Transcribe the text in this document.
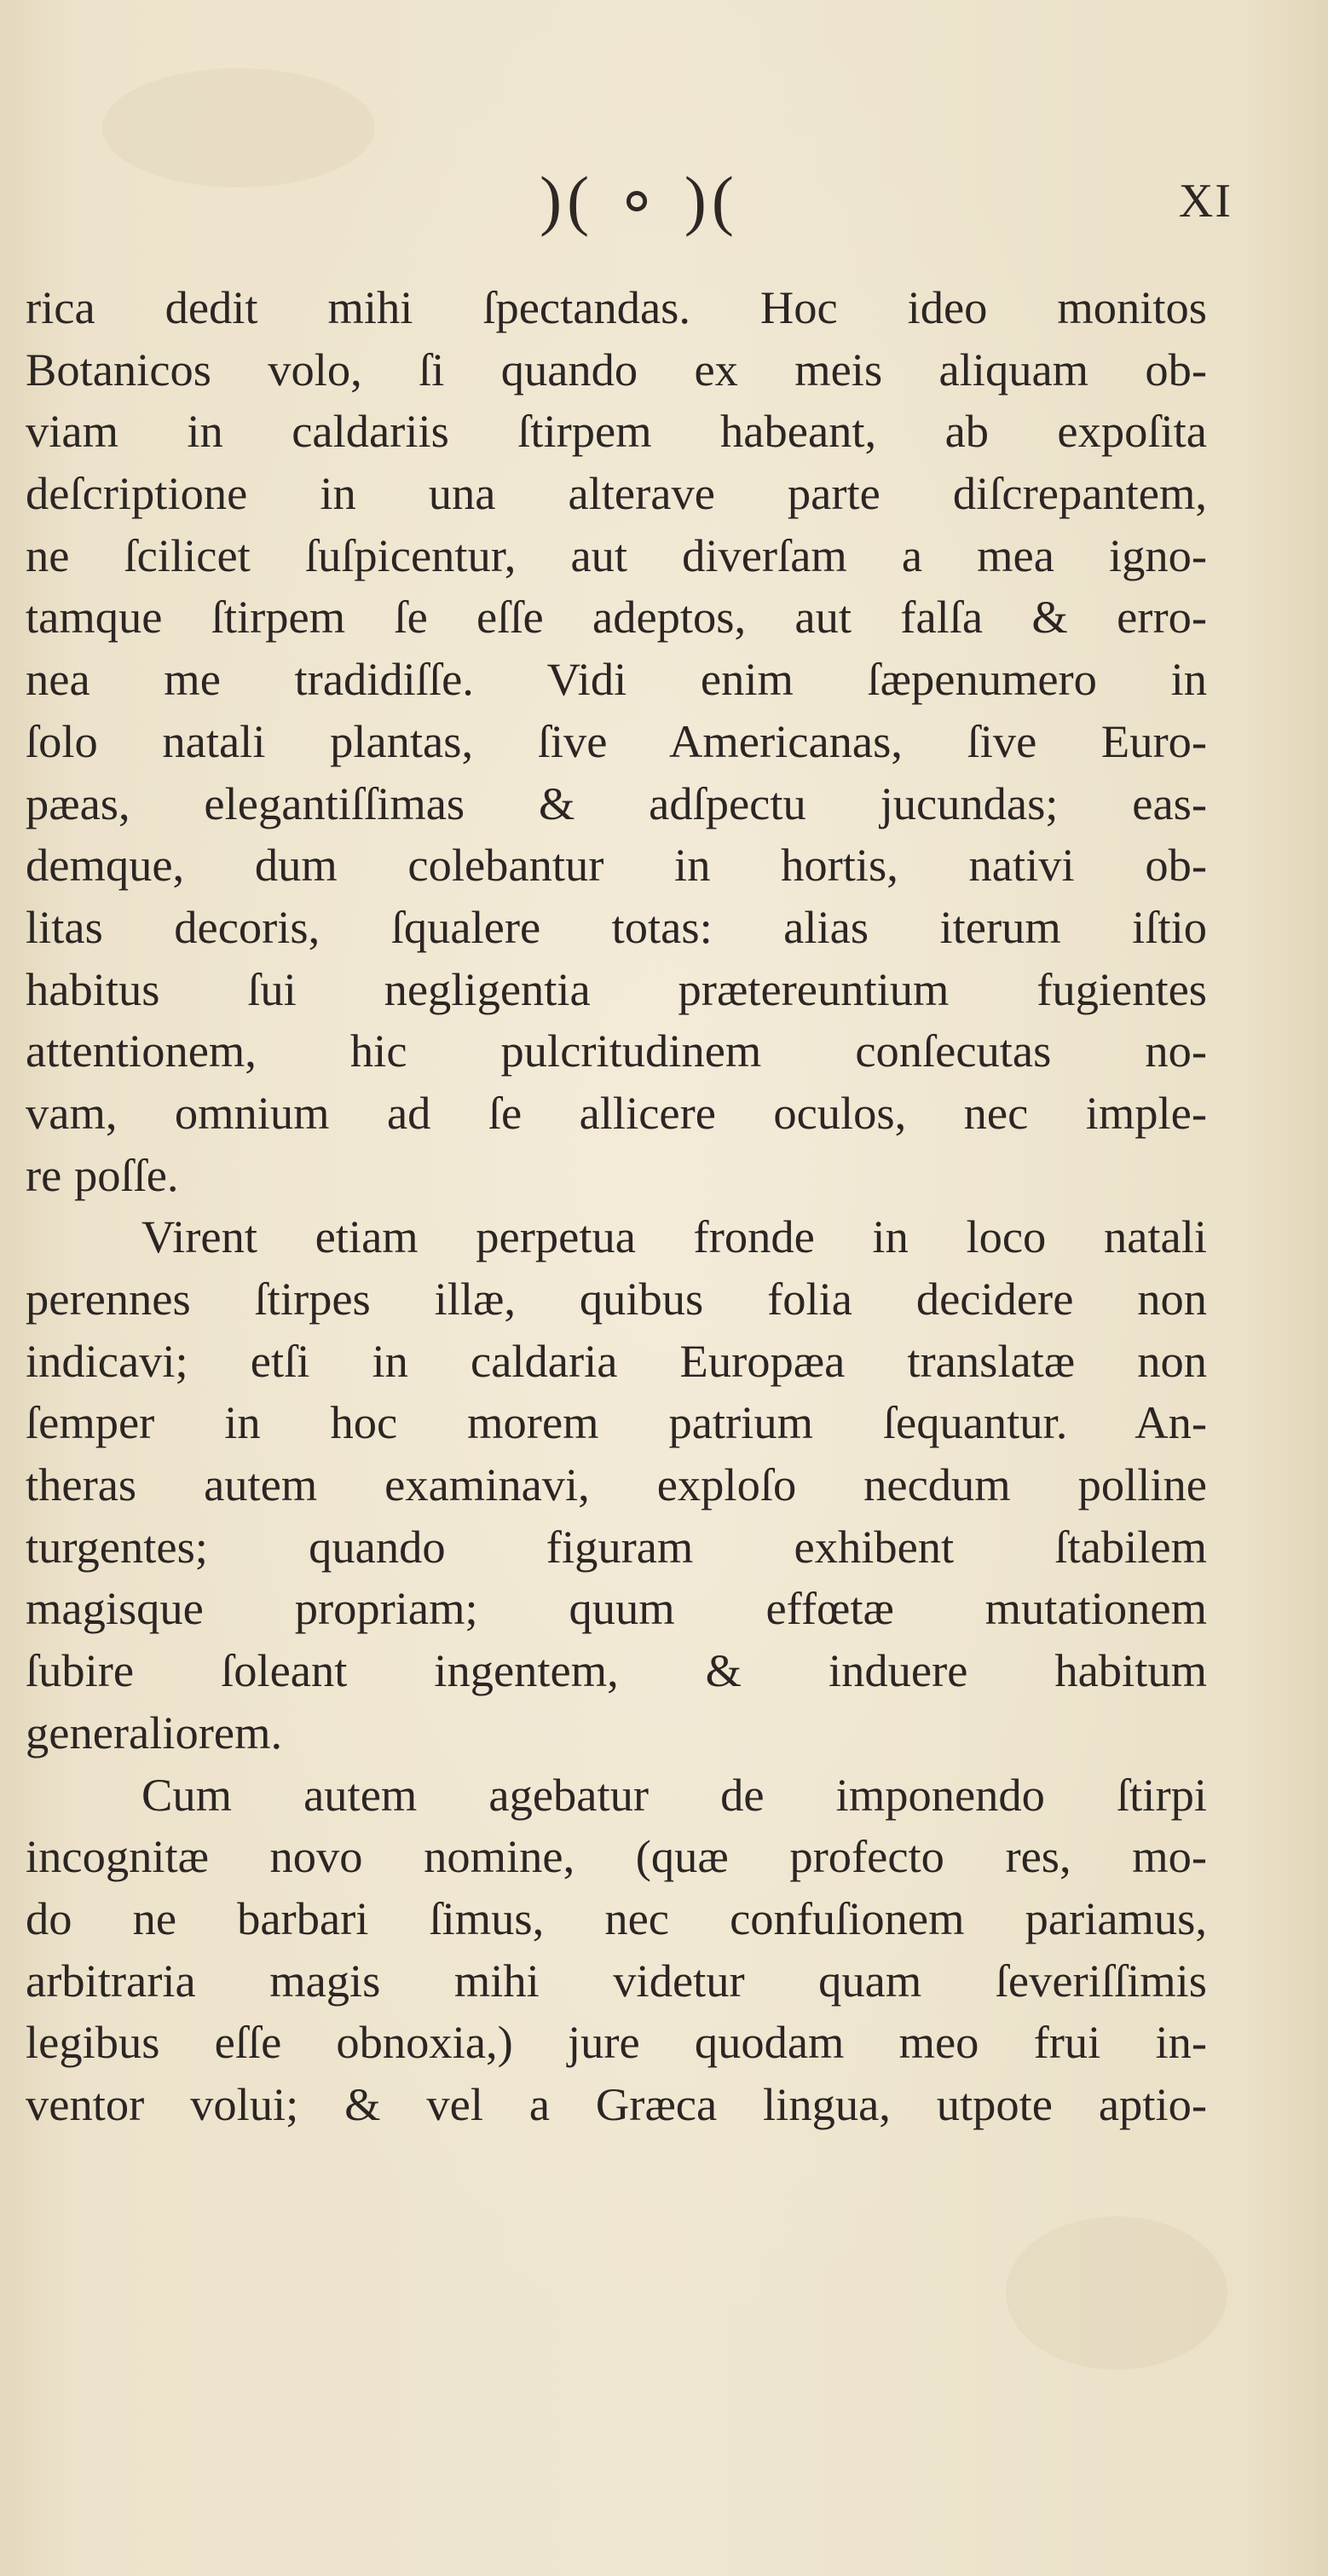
)( ∘ )(	XI
rica dedit mihi ſpectandas. Hoc ideo monitos
Botanicos volo, ſi quando ex meis aliquam ob-
viam in caldariis ſtirpem habeant, ab expoſita
deſcriptione in una alterave parte diſcrepantem,
ne ſcilicet ſuſpicentur, aut diverſam a mea igno-
tamque ſtirpem ſe eſſe adeptos, aut falſa & erro-
nea me tradidiſſe. Vidi enim ſæpenumero in
ſolo natali plantas, ſive Americanas, ſive Euro-
pæas, elegantiſſimas & adſpectu jucundas; eas-
demque, dum colebantur in hortis, nativi ob-
litas decoris, ſqualere totas: alias iterum iſtio
habitus ſui negligentia prætereuntium fugientes
attentionem, hic pulcritudinem conſecutas no-
vam, omnium ad ſe allicere oculos, nec imple-
re poſſe.
Virent etiam perpetua fronde in loco natali
perennes ſtirpes illæ, quibus folia decidere non
indicavi; etſi in caldaria Europæa translatæ non
ſemper in hoc morem patrium ſequantur. An-
theras autem examinavi, exploſo necdum polline
turgentes; quando figuram exhibent ſtabilem
magisque propriam; quum effœtæ mutationem
ſubire ſoleant ingentem, & induere habitum
generaliorem.
Cum autem agebatur de imponendo ſtirpi
incognitæ novo nomine, (quæ profecto res, mo-
do ne barbari ſimus, nec confuſionem pariamus,
arbitraria magis mihi videtur quam ſeveriſſimis
legibus eſſe obnoxia,) jure quodam meo frui in-
ventor volui; & vel a Græca lingua, utpote aptio-
